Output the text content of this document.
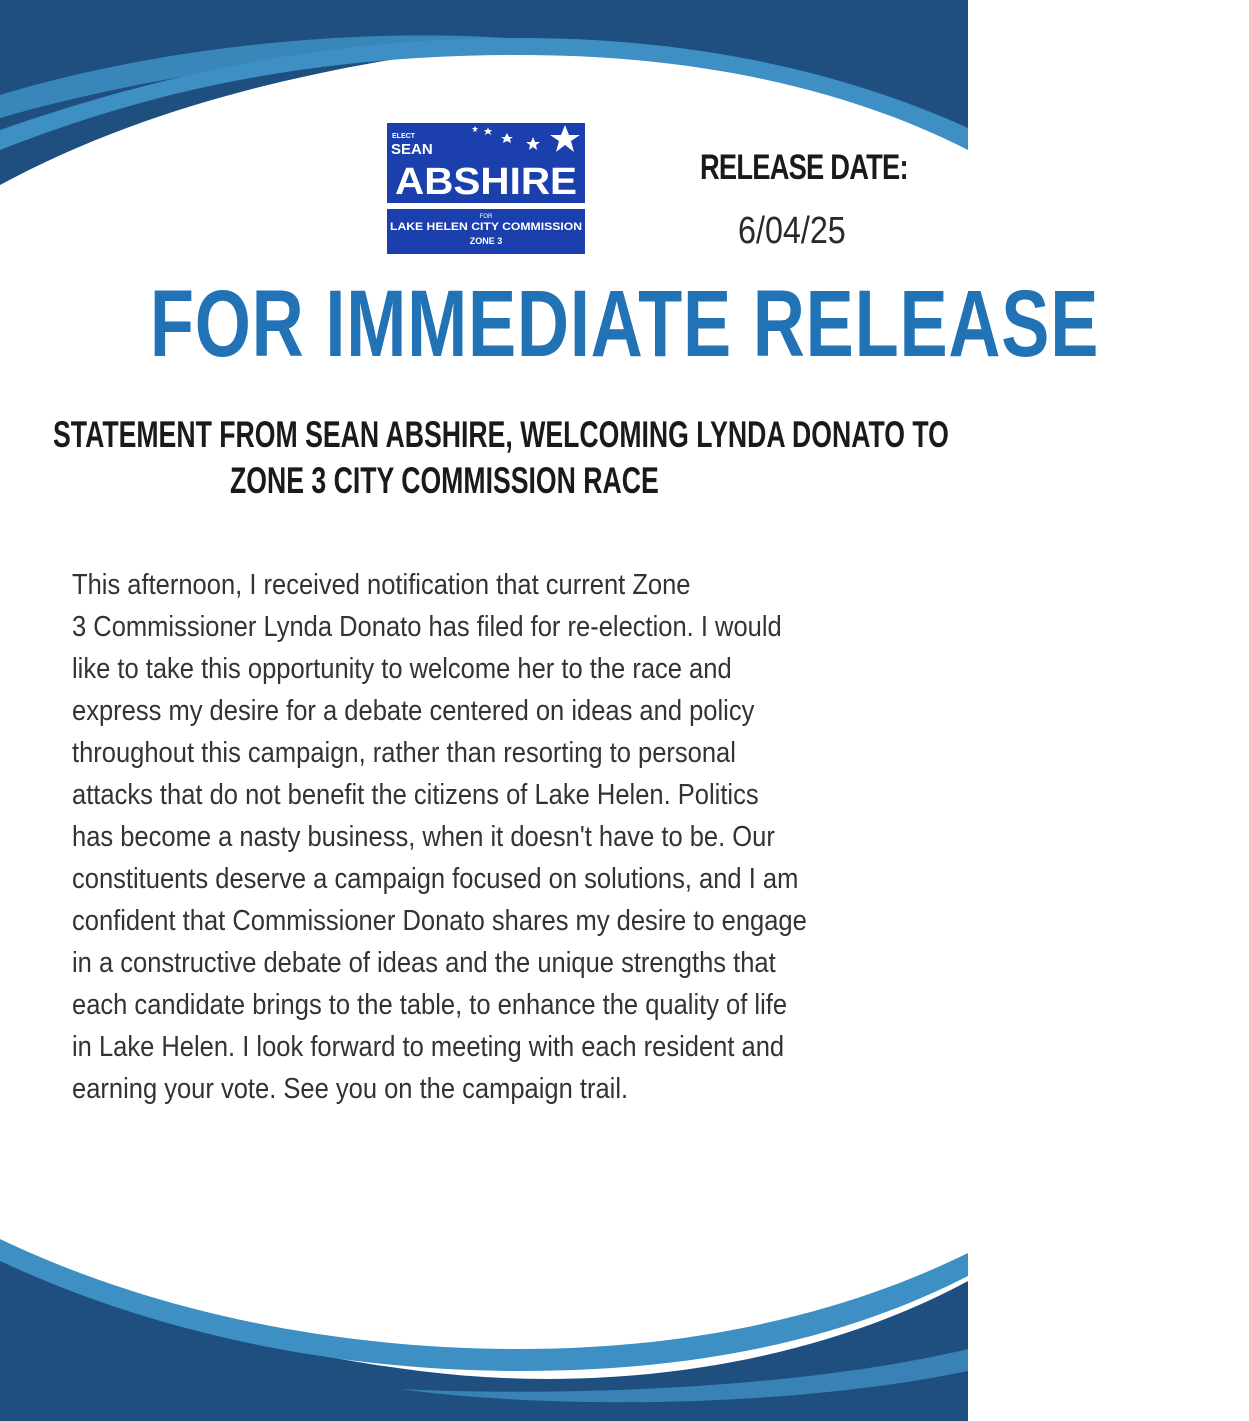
ELECT
SEAN
ABSHIRE
FOR
LAKE HELEN CITY COMMISSION
ZONE 3
RELEASE DATE:
6/04/25
FOR IMMEDIATE RELEASE
STATEMENT FROM SEAN ABSHIRE, WELCOMING LYNDA DONATO TO
ZONE 3 CITY COMMISSION RACE
This afternoon, I received notification that current Zone
3 Commissioner Lynda Donato has filed for re-election. I would
like to take this opportunity to welcome her to the race and
express my desire for a debate centered on ideas and policy
throughout this campaign, rather than resorting to personal
attacks that do not benefit the citizens of Lake Helen. Politics
has become a nasty business, when it doesn't have to be. Our
constituents deserve a campaign focused on solutions, and I am
confident that Commissioner Donato shares my desire to engage
in a constructive debate of ideas and the unique strengths that
each candidate brings to the table, to enhance the quality of life
in Lake Helen. I look forward to meeting with each resident and
earning your vote. See you on the campaign trail.
